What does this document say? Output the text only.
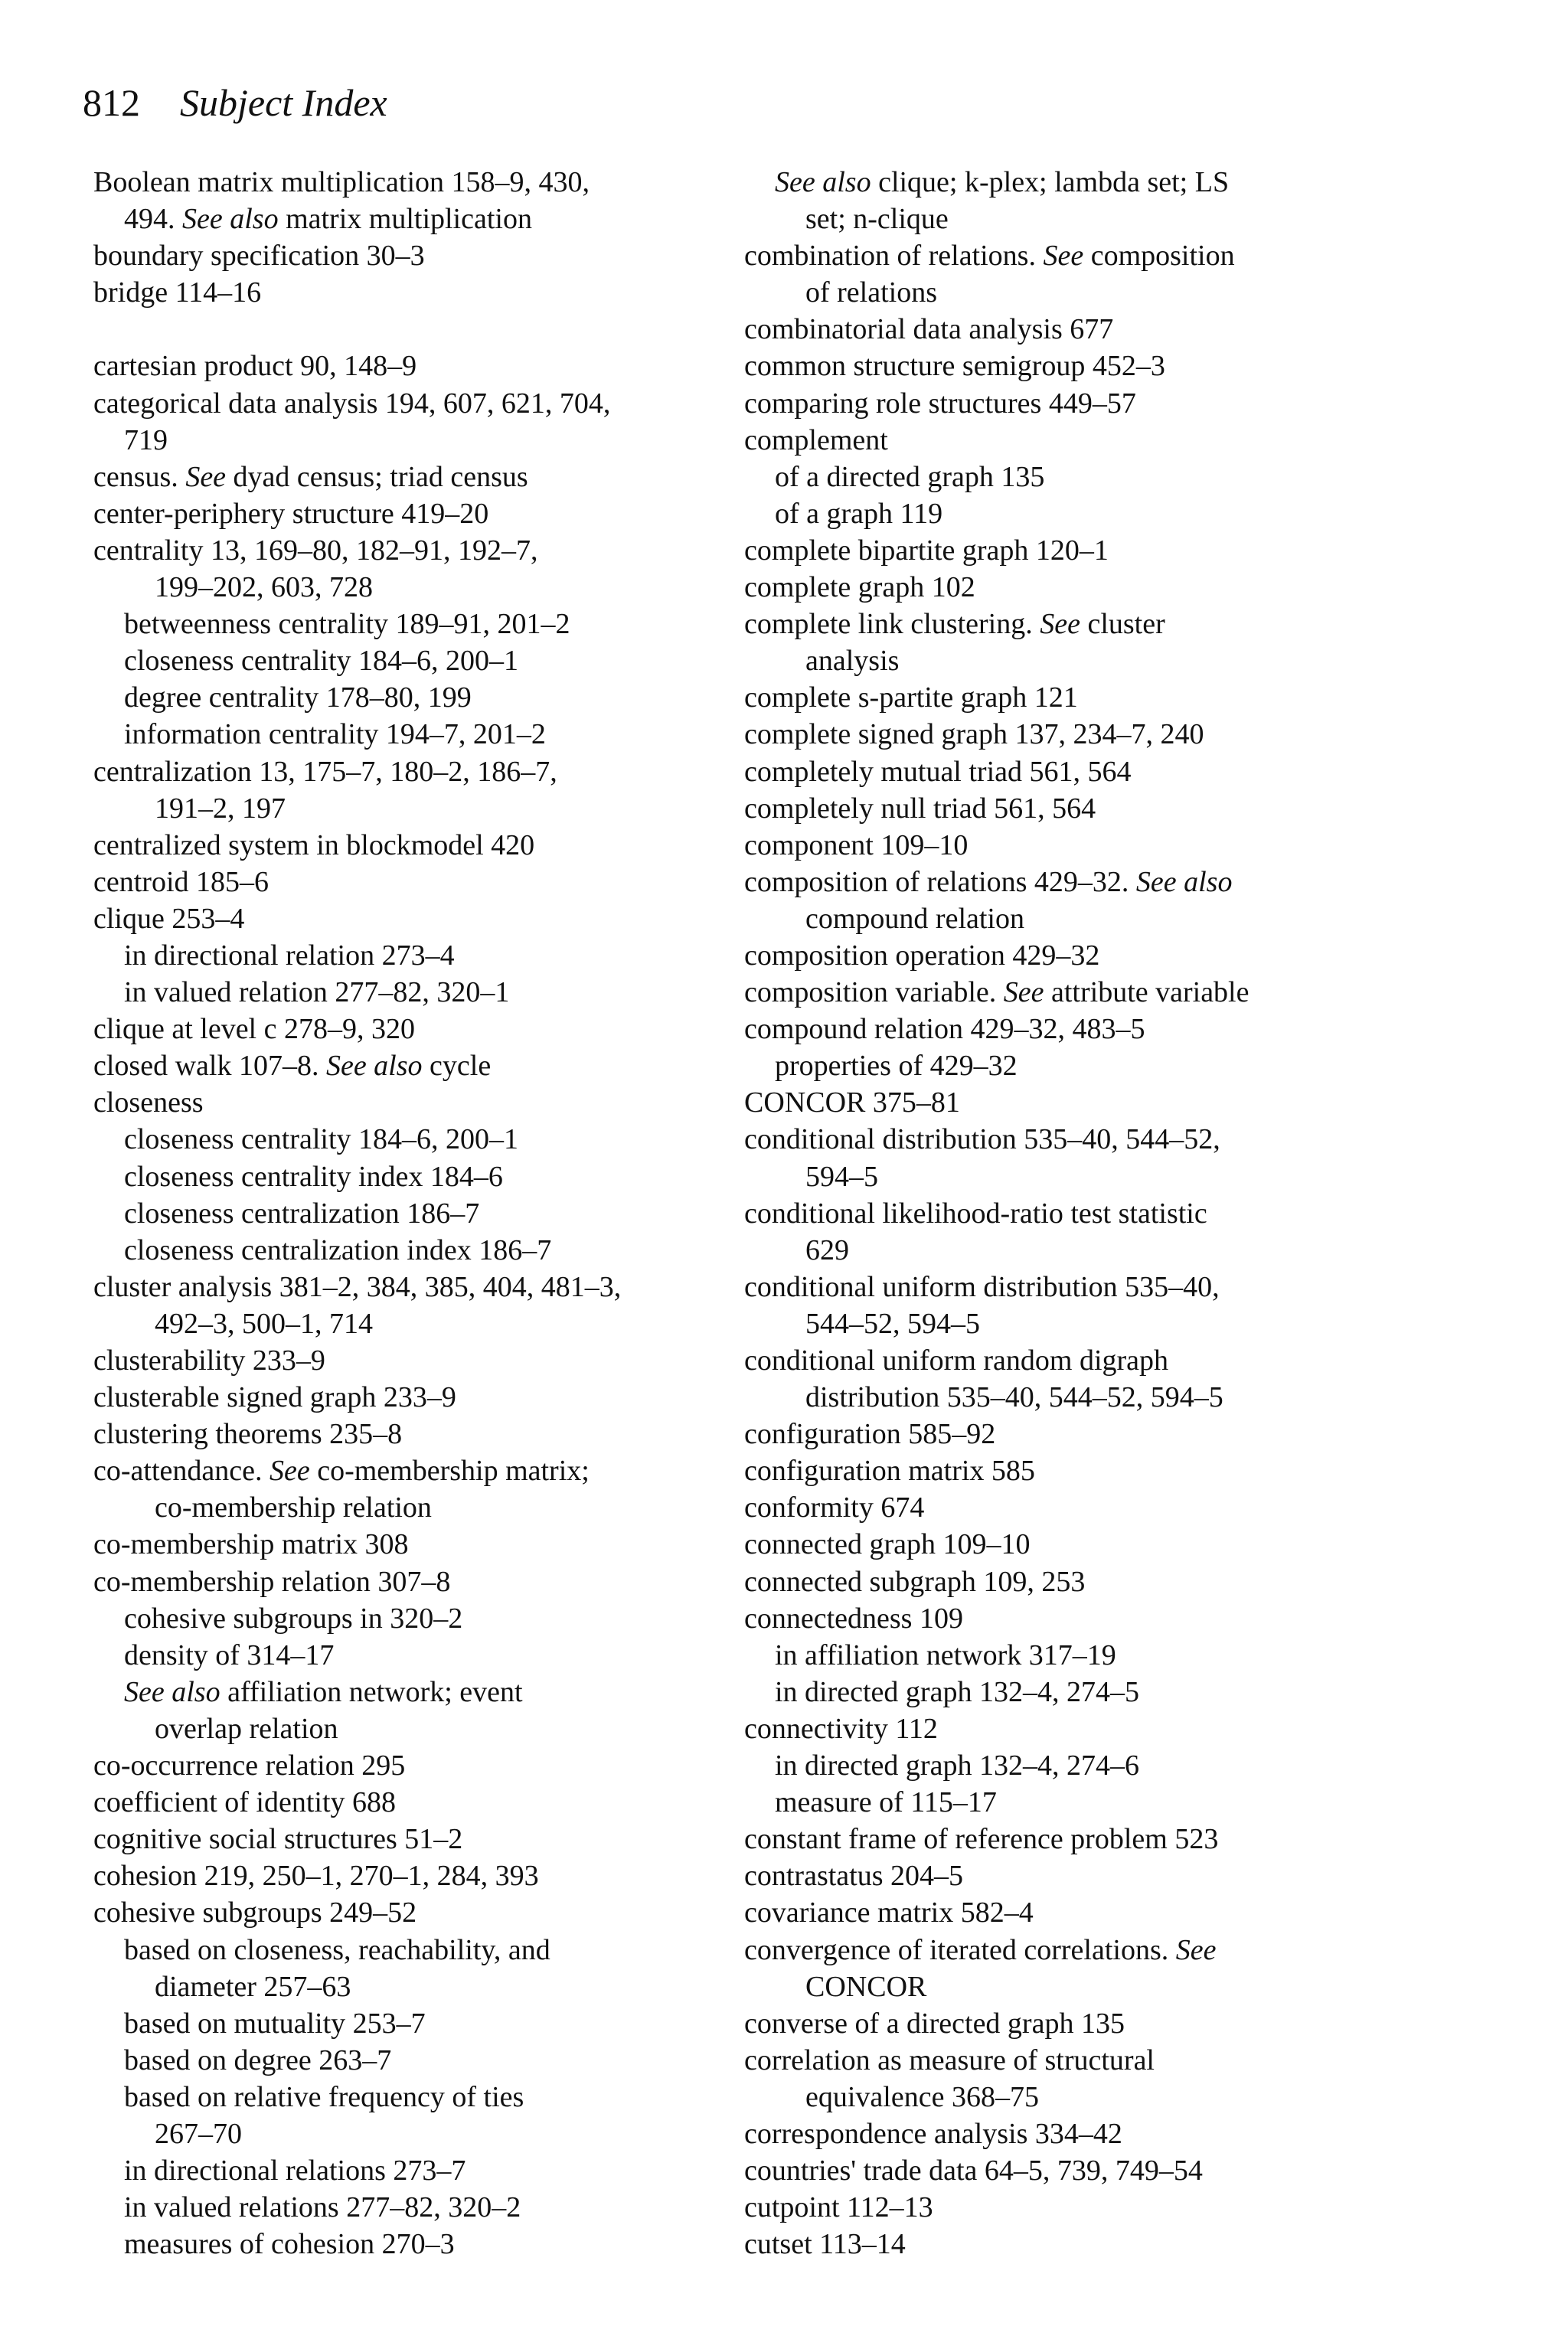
812 Subject Index
Boolean matrix multiplication 158–9, 430,
494. See also matrix multiplication
boundary specification 30–3
bridge 114–16
cartesian product 90, 148–9
categorical data analysis 194, 607, 621, 704,
719
census. See dyad census; triad census
center-periphery structure 419–20
centrality 13, 169–80, 182–91, 192–7,
199–202, 603, 728
betweenness centrality 189–91, 201–2
closeness centrality 184–6, 200–1
degree centrality 178–80, 199
information centrality 194–7, 201–2
centralization 13, 175–7, 180–2, 186–7,
191–2, 197
centralized system in blockmodel 420
centroid 185–6
clique 253–4
in directional relation 273–4
in valued relation 277–82, 320–1
clique at level c 278–9, 320
closed walk 107–8. See also cycle
closeness
closeness centrality 184–6, 200–1
closeness centrality index 184–6
closeness centralization 186–7
closeness centralization index 186–7
cluster analysis 381–2, 384, 385, 404, 481–3,
492–3, 500–1, 714
clusterability 233–9
clusterable signed graph 233–9
clustering theorems 235–8
co-attendance. See co-membership matrix;
co-membership relation
co-membership matrix 308
co-membership relation 307–8
cohesive subgroups in 320–2
density of 314–17
See also affiliation network; event
overlap relation
co-occurrence relation 295
coefficient of identity 688
cognitive social structures 51–2
cohesion 219, 250–1, 270–1, 284, 393
cohesive subgroups 249–52
based on closeness, reachability, and
diameter 257–63
based on mutuality 253–7
based on degree 263–7
based on relative frequency of ties
267–70
in directional relations 273–7
in valued relations 277–82, 320–2
measures of cohesion 270–3
See also clique; k-plex; lambda set; LS
set; n-clique
combination of relations. See composition
of relations
combinatorial data analysis 677
common structure semigroup 452–3
comparing role structures 449–57
complement
of a directed graph 135
of a graph 119
complete bipartite graph 120–1
complete graph 102
complete link clustering. See cluster
analysis
complete s-partite graph 121
complete signed graph 137, 234–7, 240
completely mutual triad 561, 564
completely null triad 561, 564
component 109–10
composition of relations 429–32. See also
compound relation
composition operation 429–32
composition variable. See attribute variable
compound relation 429–32, 483–5
properties of 429–32
CONCOR 375–81
conditional distribution 535–40, 544–52,
594–5
conditional likelihood-ratio test statistic
629
conditional uniform distribution 535–40,
544–52, 594–5
conditional uniform random digraph
distribution 535–40, 544–52, 594–5
configuration 585–92
configuration matrix 585
conformity 674
connected graph 109–10
connected subgraph 109, 253
connectedness 109
in affiliation network 317–19
in directed graph 132–4, 274–5
connectivity 112
in directed graph 132–4, 274–6
measure of 115–17
constant frame of reference problem 523
contrastatus 204–5
covariance matrix 582–4
convergence of iterated correlations. See
CONCOR
converse of a directed graph 135
correlation as measure of structural
equivalence 368–75
correspondence analysis 334–42
countries' trade data 64–5, 739, 749–54
cutpoint 112–13
cutset 113–14
